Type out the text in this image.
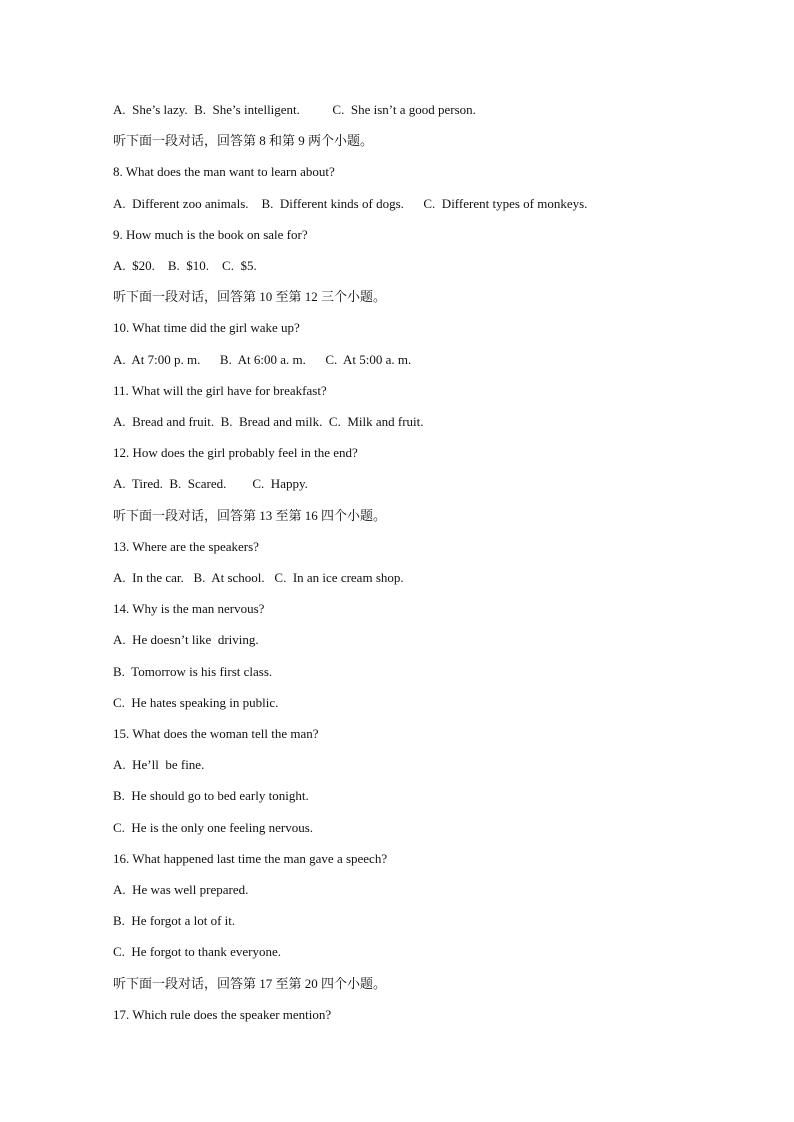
A.  She’s lazy.  B.  She’s intelligent.          C.  She isn’t a good person.
听下面一段对话，回答第 8 和第 9 两个小题。
8. What does the man want to learn about?
A.  Different zoo animals.    B.  Different kinds of dogs.      C.  Different types of monkeys.
9. How much is the book on sale for?
A.  $20.    B.  $10.    C.  $5.
听下面一段对话，回答第 10 至第 12 三个小题。
10. What time did the girl wake up?
A.  At 7:00 p. m.      B.  At 6:00 a. m.      C.  At 5:00 a. m.
11. What will the girl have for breakfast?
A.  Bread and fruit.  B.  Bread and milk.  C.  Milk and fruit.
12. How does the girl probably feel in the end?
A.  Tired.  B.  Scared.        C.  Happy.
听下面一段对话，回答第 13 至第 16 四个小题。
13. Where are the speakers?
A.  In the car.   B.  At school.   C.  In an ice cream shop.
14. Why is the man nervous?
A.  He doesn’t like  driving.
B.  Tomorrow is his first class.
C.  He hates speaking in public.
15. What does the woman tell the man?
A.  He’ll  be fine.
B.  He should go to bed early tonight.
C.  He is the only one feeling nervous.
16. What happened last time the man gave a speech?
A.  He was well prepared.
B.  He forgot a lot of it.
C.  He forgot to thank everyone.
听下面一段对话，回答第 17 至第 20 四个小题。
17. Which rule does the speaker mention?
